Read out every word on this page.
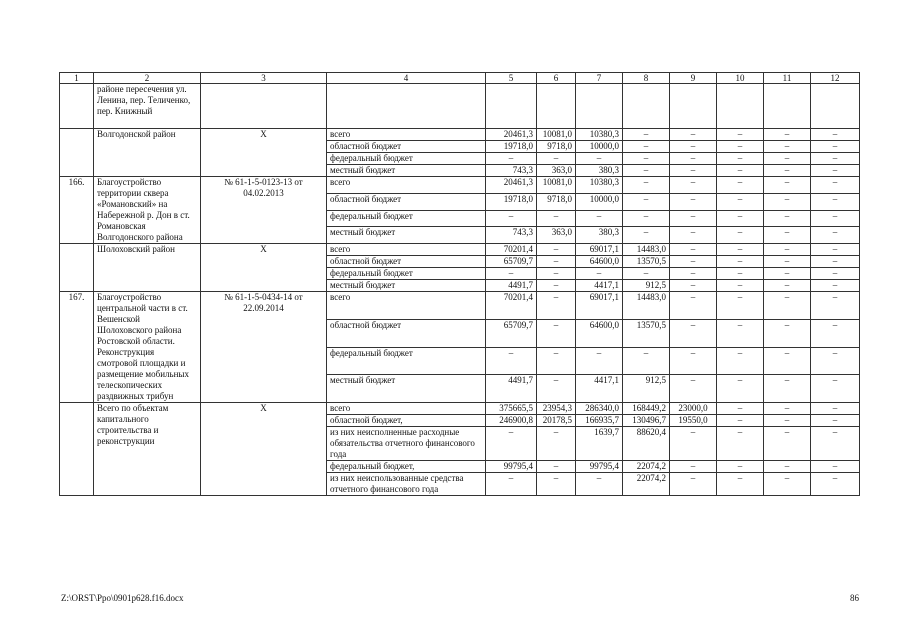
1	2	3	4	5	6	7	8	9	10	11	12
	районе пересечения ул. Ленина, пер. Теличенко, пер. Книжный										
	Волгодонской район	Х	всего	20461,3	10081,0	10380,3	–	–	–	–	–
			областной бюджет	19718,0	9718,0	10000,0	–	–	–	–	–
			федеральный бюджет	–	–	–	–	–	–	–	–
			местный бюджет	743,3	363,0	380,3	–	–	–	–	–
166.	Благоустройство территории сквера «Романовский» на Набережной р. Дон в ст. Романовская Волгодонского района	№ 61-1-5-0123-13 от 04.02.2013	всего	20461,3	10081,0	10380,3	–	–	–	–	–
			областной бюджет	19718,0	9718,0	10000,0	–	–	–	–	–
			федеральный бюджет	–	–	–	–	–	–	–	–
			местный бюджет	743,3	363,0	380,3	–	–	–	–	–
	Шолоховский район	Х	всего	70201,4	–	69017,1	14483,0	–	–	–	–
			областной бюджет	65709,7	–	64600,0	13570,5	–	–	–	–
			федеральный бюджет	–	–	–	–	–	–	–	–
			местный бюджет	4491,7	–	4417,1	912,5	–	–	–	–
167.	Благоустройство центральной части в ст. Вешенской Шолоховского района Ростовской области. Реконструкция смотровой площадки и размещение мобильных телескопических раздвижных трибун	№ 61-1-5-0434-14 от 22.09.2014	всего	70201,4	–	69017,1	14483,0	–	–	–	–
			областной бюджет	65709,7	–	64600,0	13570,5	–	–	–	–
			федеральный бюджет	–	–	–	–	–	–	–	–
			местный бюджет	4491,7	–	4417,1	912,5	–	–	–	–
	Всего по объектам капитального строительства и реконструкции	Х	всего	375665,5	23954,3	286340,0	168449,2	23000,0	–	–	–
			областной бюджет,	246900,8	20178,5	166935,7	130496,7	19550,0	–	–	–
			из них неисполненные расходные обязательства отчетного финансового года	–	–	1639,7	88620,4	–	–	–	–
			федеральный бюджет,	99795,4	–	99795,4	22074,2	–	–	–	–
			из них неиспользованные средства отчетного финансового года	–	–	–	22074,2	–	–	–	–
Z:\ORST\Ppo\0901p628.f16.docx	86
